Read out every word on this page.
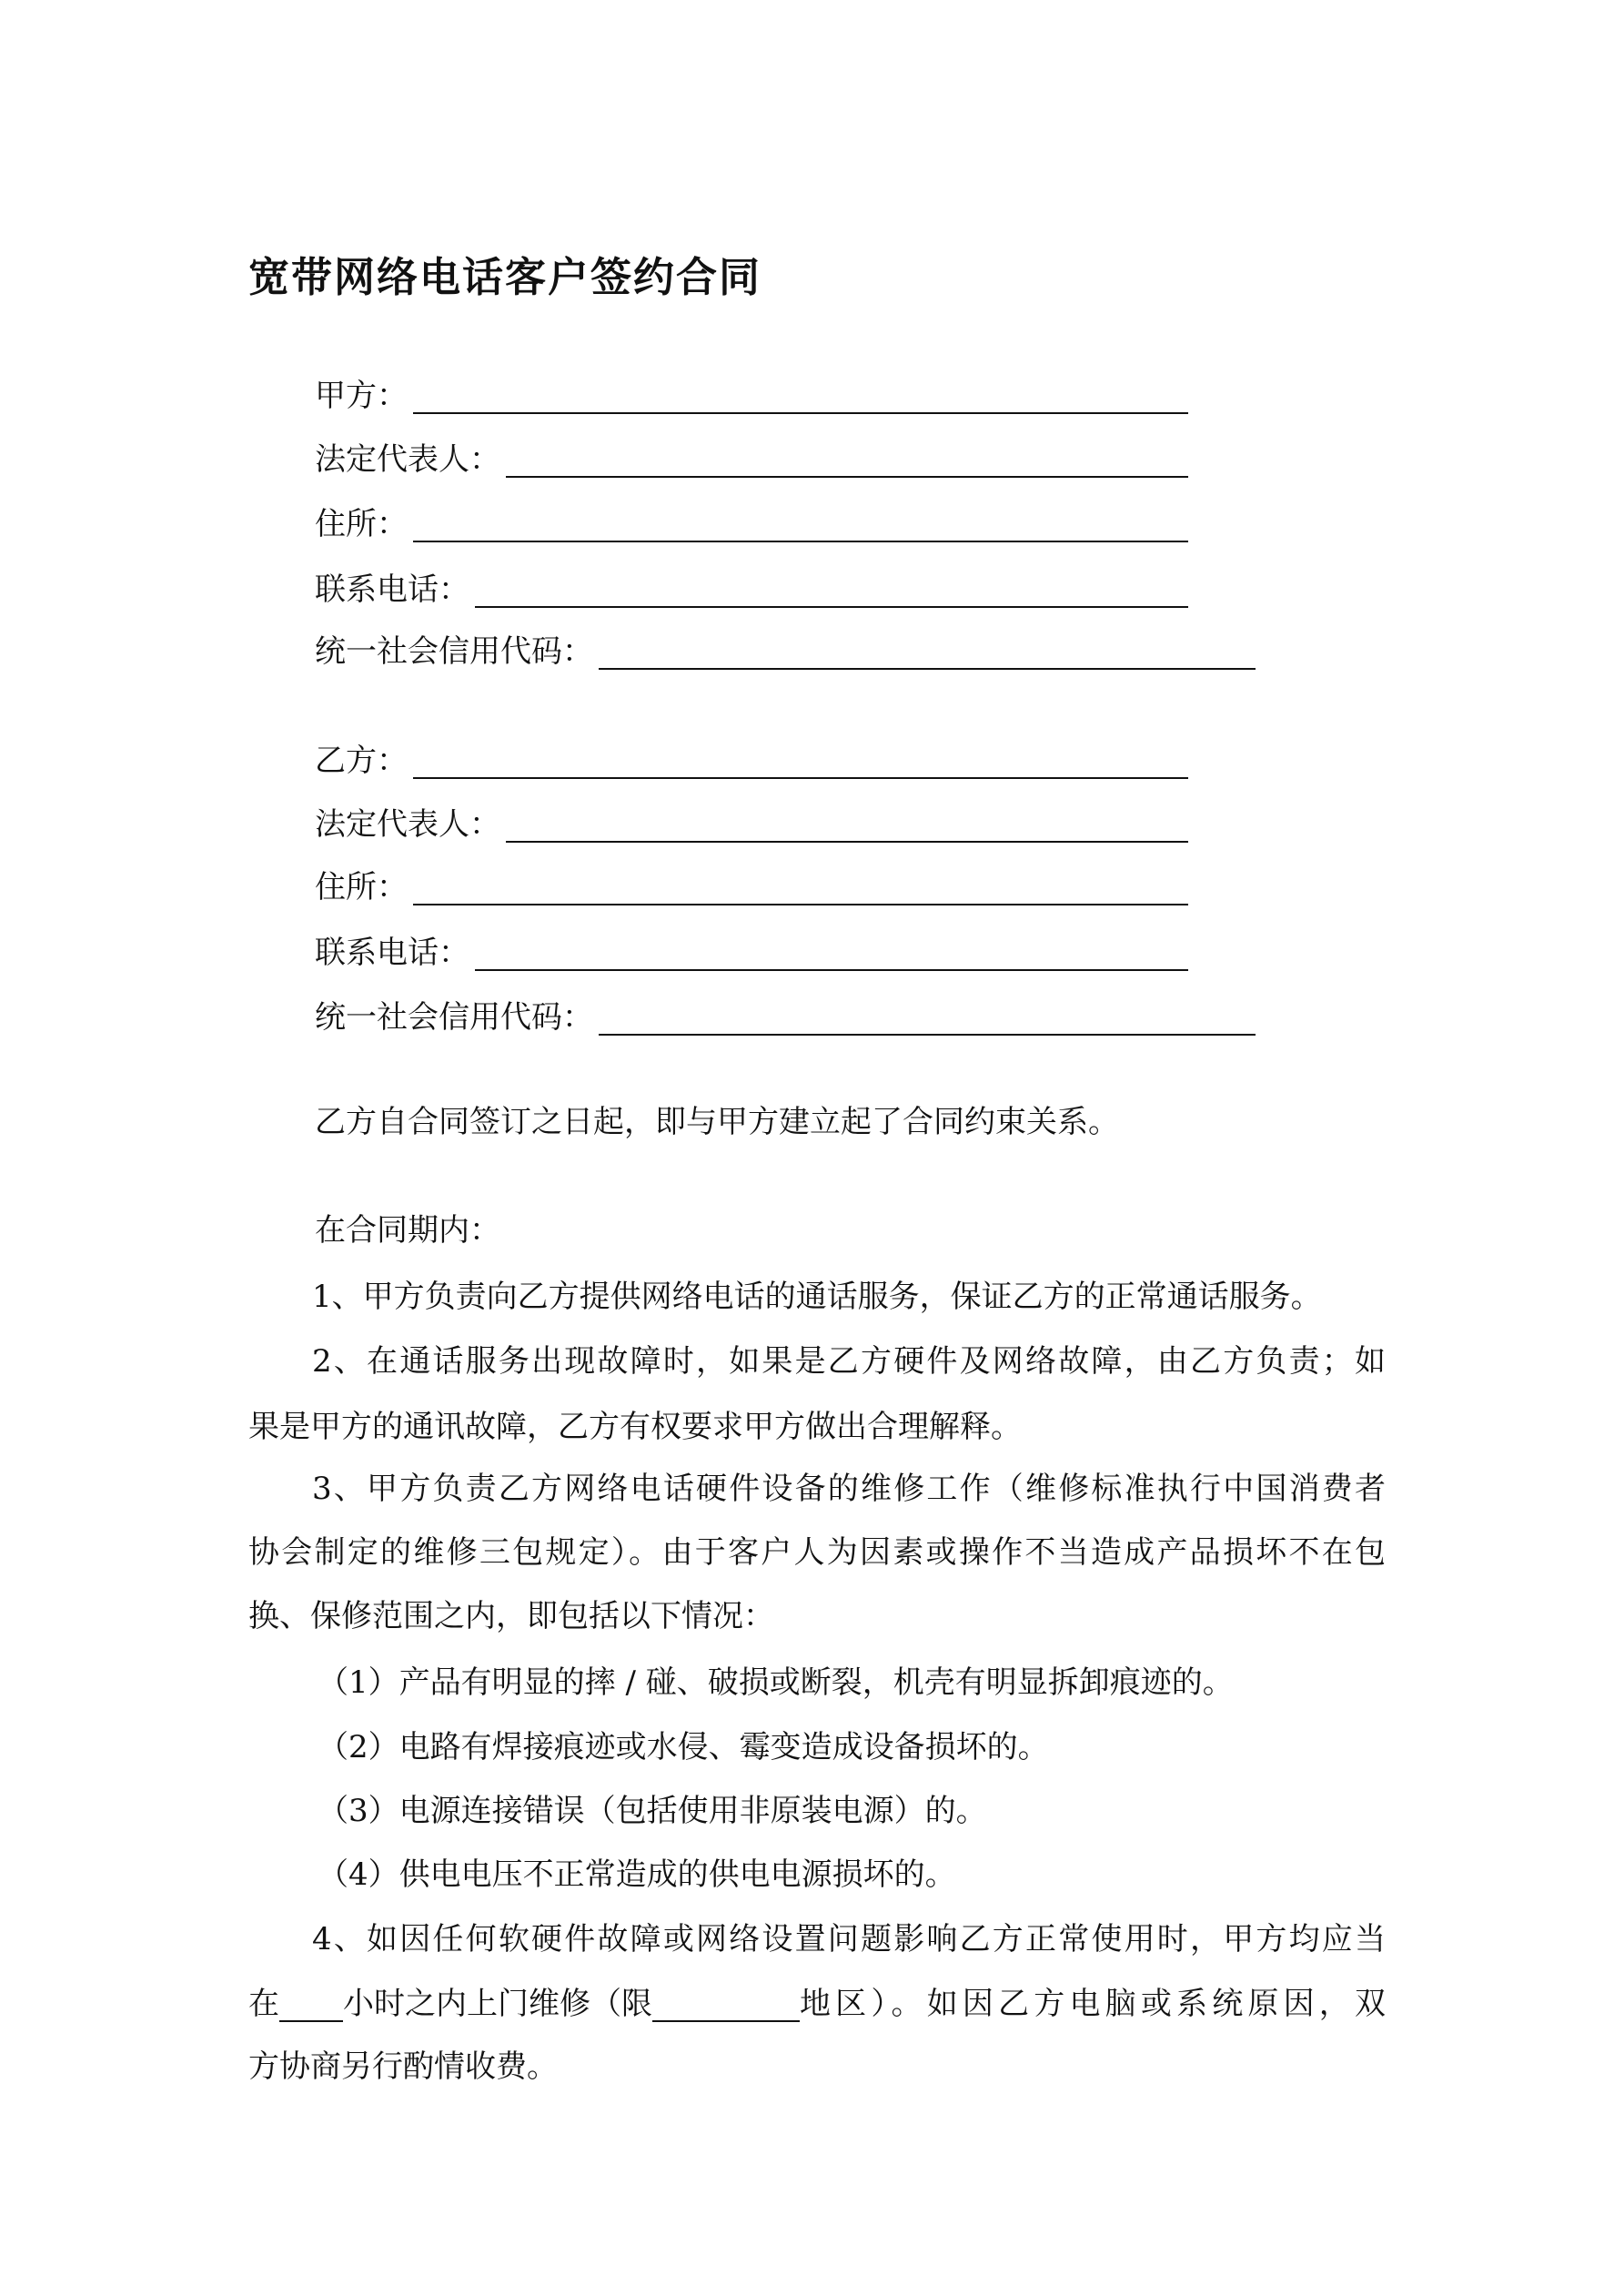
宽带网络电话客户签约合同
甲方：
法定代表人：
住所：
联系电话：
统一社会信用代码：
乙方：
法定代表人：
住所：
联系电话：
统一社会信用代码：
乙方自合同签订之日起，即与甲方建立起了合同约束关系。
在合同期内：
1、甲方负责向乙方提供网络电话的通话服务，保证乙方的正常通话服务。
2、在通话服务出现故障时，如果是乙方硬件及网络故障，由乙方负责；如
果是甲方的通讯故障，乙方有权要求甲方做出合理解释。
3、甲方负责乙方网络电话硬件设备的维修工作（维修标准执行中国消费者
协会制定的维修三包规定）。由于客户人为因素或操作不当造成产品损坏不在包
换、保修范围之内，即包括以下情况：
（1）产品有明显的摔 / 碰、破损或断裂，机壳有明显拆卸痕迹的。
（2）电路有焊接痕迹或水侵、霉变造成设备损坏的。
（3）电源连接错误（包括使用非原装电源）的。
（4）供电电压不正常造成的供电电源损坏的。
4、如因任何软硬件故障或网络设置问题影响乙方正常使用时，甲方均应当
在 小时之内上门维修（限	地区）。如因乙方电脑或系统原因，双
方协商另行酌情收费。
